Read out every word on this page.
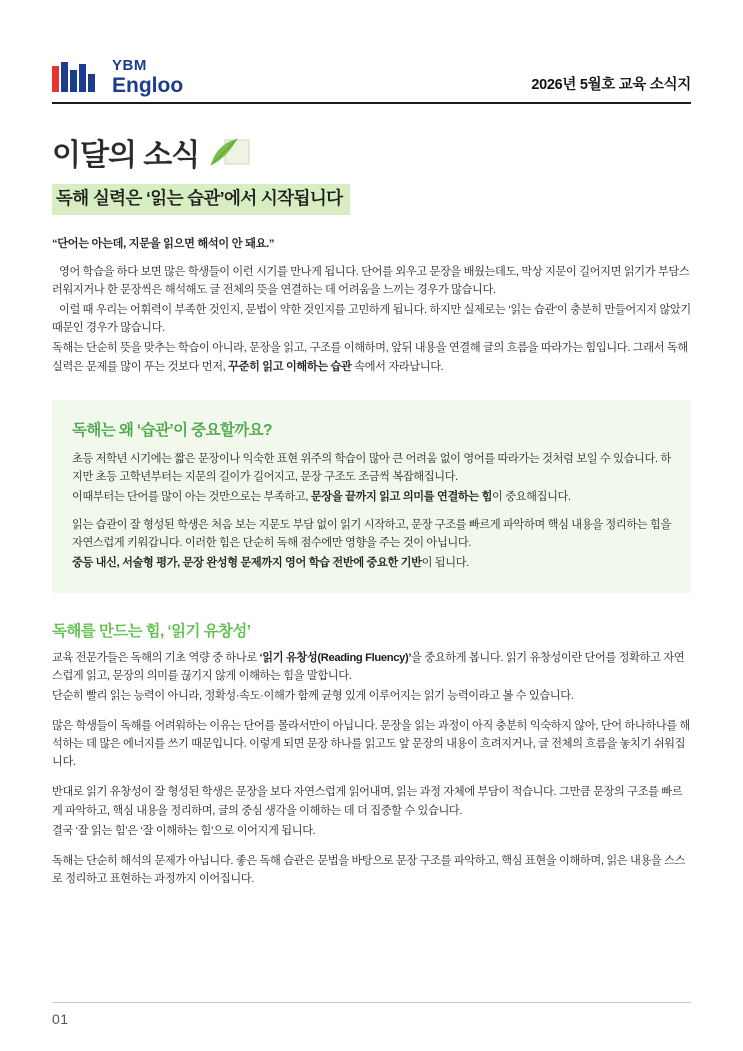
YBM
Engloo	2026년 5월호 교육 소식지
이달의 소식
독해 실력은 ‘읽는 습관’에서 시작됩니다
“단어는 아는데, 지문을 읽으면 해석이 안 돼요.”

영어 학습을 하다 보면 많은 학생들이 이런 시기를 만나게 됩니다. 단어를 외우고 문장을 배웠는데도, 막상 지문이 길어지면 읽기가 부담스러워지거나 한 문장씩은 해석해도 글 전체의 뜻을 연결하는 데 어려움을 느끼는 경우가 많습니다.

이럴 때 우리는 어휘력이 부족한 것인지, 문법이 약한 것인지를 고민하게 됩니다. 하지만 실제로는 ‘읽는 습관’이 충분히 만들어지지 않았기 때문인 경우가 많습니다.

독해는 단순히 뜻을 맞추는 학습이 아니라, 문장을 읽고, 구조를 이해하며, 앞뒤 내용을 연결해 글의 흐름을 따라가는 힘입니다. 그래서 독해 실력은 문제를 많이 푸는 것보다 먼저, 꾸준히 읽고 이해하는 습관 속에서 자라납니다.

독해는 왜 ‘습관’이 중요할까요?

초등 저학년 시기에는 짧은 문장이나 익숙한 표현 위주의 학습이 많아 큰 어려움 없이 영어를 따라가는 것처럼 보일 수 있습니다. 하지만 초등 고학년부터는 지문의 길이가 길어지고, 문장 구조도 조금씩 복잡해집니다.

이때부터는 단어를 많이 아는 것만으로는 부족하고, 문장을 끝까지 읽고 의미를 연결하는 힘이 중요해집니다.

읽는 습관이 잘 형성된 학생은 처음 보는 지문도 부담 없이 읽기 시작하고, 문장 구조를 빠르게 파악하며 핵심 내용을 정리하는 힘을 자연스럽게 키워갑니다. 이러한 힘은 단순히 독해 점수에만 영향을 주는 것이 아닙니다.

중등 내신, 서술형 평가, 문장 완성형 문제까지 영어 학습 전반에 중요한 기반이 됩니다.

독해를 만드는 힘, ‘읽기 유창성’

교육 전문가들은 독해의 기초 역량 중 하나로 ‘읽기 유창성(Reading Fluency)’을 중요하게 봅니다. 읽기 유창성이란 단어를 정확하고 자연스럽게 읽고, 문장의 의미를 끊기지 않게 이해하는 힘을 말합니다.

단순히 빨리 읽는 능력이 아니라, 정확성·속도·이해가 함께 균형 있게 이루어지는 읽기 능력이라고 볼 수 있습니다.

많은 학생들이 독해를 어려워하는 이유는 단어를 몰라서만이 아닙니다. 문장을 읽는 과정이 아직 충분히 익숙하지 않아, 단어 하나하나를 해석하는 데 많은 에너지를 쓰기 때문입니다. 이렇게 되면 문장 하나를 읽고도 앞 문장의 내용이 흐려지거나, 글 전체의 흐름을 놓치기 쉬워집니다.

반대로 읽기 유창성이 잘 형성된 학생은 문장을 보다 자연스럽게 읽어내며, 읽는 과정 자체에 부담이 적습니다. 그만큼 문장의 구조를 빠르게 파악하고, 핵심 내용을 정리하며, 글의 중심 생각을 이해하는 데 더 집중할 수 있습니다.

결국 ‘잘 읽는 힘’은 ‘잘 이해하는 힘’으로 이어지게 됩니다.

독해는 단순히 해석의 문제가 아닙니다. 좋은 독해 습관은 문법을 바탕으로 문장 구조를 파악하고, 핵심 표현을 이해하며, 읽은 내용을 스스로 정리하고 표현하는 과정까지 이어집니다.

01
